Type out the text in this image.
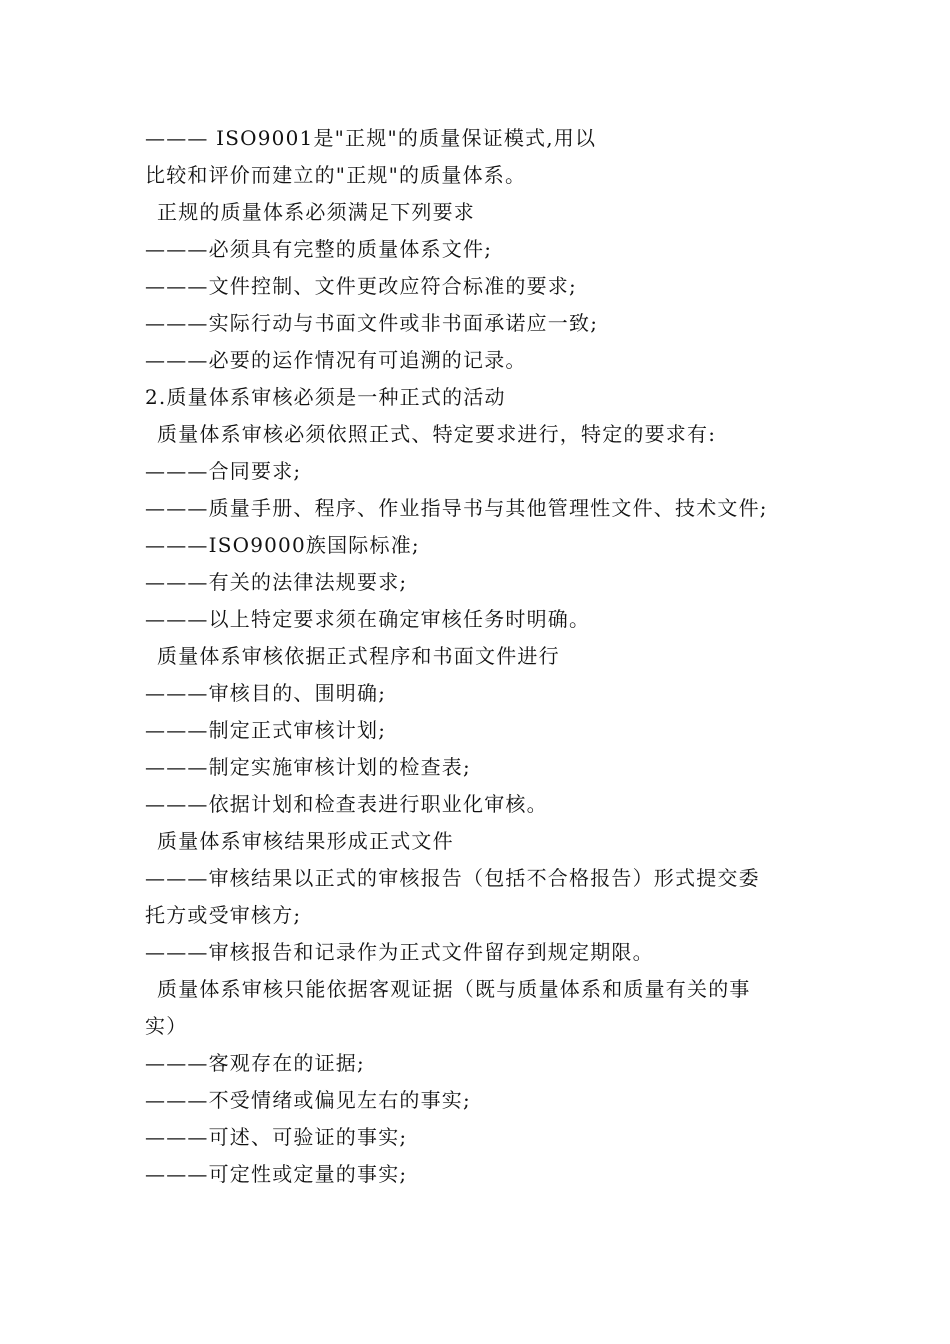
——— ISO9001是"正规"的质量保证模式,用以
比较和评价而建立的"正规"的质量体系。
正规的质量体系必须满足下列要求
———必须具有完整的质量体系文件;
———文件控制、文件更改应符合标准的要求;
———实际行动与书面文件或非书面承诺应一致;
———必要的运作情况有可追溯的记录。
2.质量体系审核必须是一种正式的活动
质量体系审核必须依照正式、特定要求进行，特定的要求有:
———合同要求;
———质量手册、程序、作业指导书与其他管理性文件、技术文件;
———ISO9000族国际标准;
———有关的法律法规要求;
———以上特定要求须在确定审核任务时明确。
质量体系审核依据正式程序和书面文件进行
———审核目的、围明确;
———制定正式审核计划;
———制定实施审核计划的检查表;
———依据计划和检查表进行职业化审核。
质量体系审核结果形成正式文件
———审核结果以正式的审核报告（包括不合格报告）形式提交委
托方或受审核方;
———审核报告和记录作为正式文件留存到规定期限。
质量体系审核只能依据客观证据（既与质量体系和质量有关的事
实）
———客观存在的证据;
———不受情绪或偏见左右的事实;
———可述、可验证的事实;
———可定性或定量的事实;
